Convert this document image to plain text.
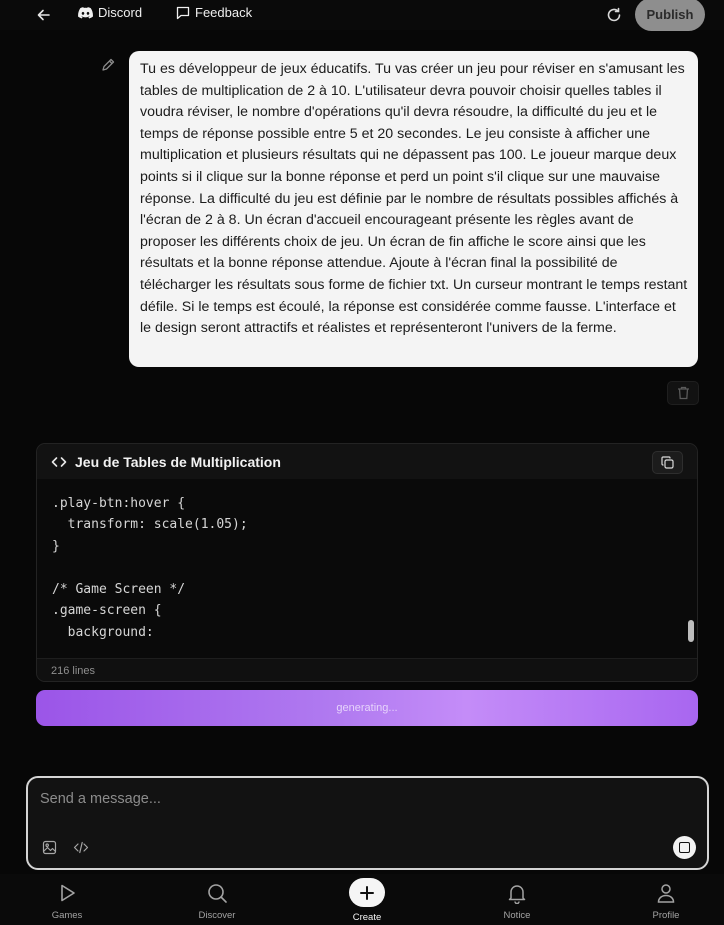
Discord	Feedback	Publish
Tu es développeur de jeux éducatifs. Tu vas créer un jeu pour réviser en s'amusant les tables de multiplication de 2 à 10. L'utilisateur devra pouvoir choisir quelles tables il voudra réviser, le nombre d'opérations qu'il devra résoudre, la difficulté du jeu et le temps de réponse possible entre 5 et 20 secondes. Le jeu consiste à afficher une multiplication et plusieurs résultats qui ne dépassent pas 100. Le joueur marque deux points si il clique sur la bonne réponse et perd un point s'il clique sur une mauvaise réponse. La difficulté du jeu est définie par le nombre de résultats possibles affichés à l'écran de 2 à 8. Un écran d'accueil encourageant présente les règles avant de proposer les différents choix de jeu. Un écran de fin affiche le score ainsi que les résultats et la bonne réponse attendue. Ajoute à l'écran final la possibilité de télécharger les résultats sous forme de fichier txt. Un curseur montrant le temps restant défile. Si le temps est écoulé, la réponse est considérée comme fausse. L'interface et le design seront attractifs et réalistes et représenteront l'univers de la ferme.
Jeu de Tables de Multiplication
.play-btn:hover {
transform: scale(1.05);
}
/* Game Screen */
.game-screen {
background:
216 lines
generating...
Send a message...
Games	Discover	Create	Notice	Profile
